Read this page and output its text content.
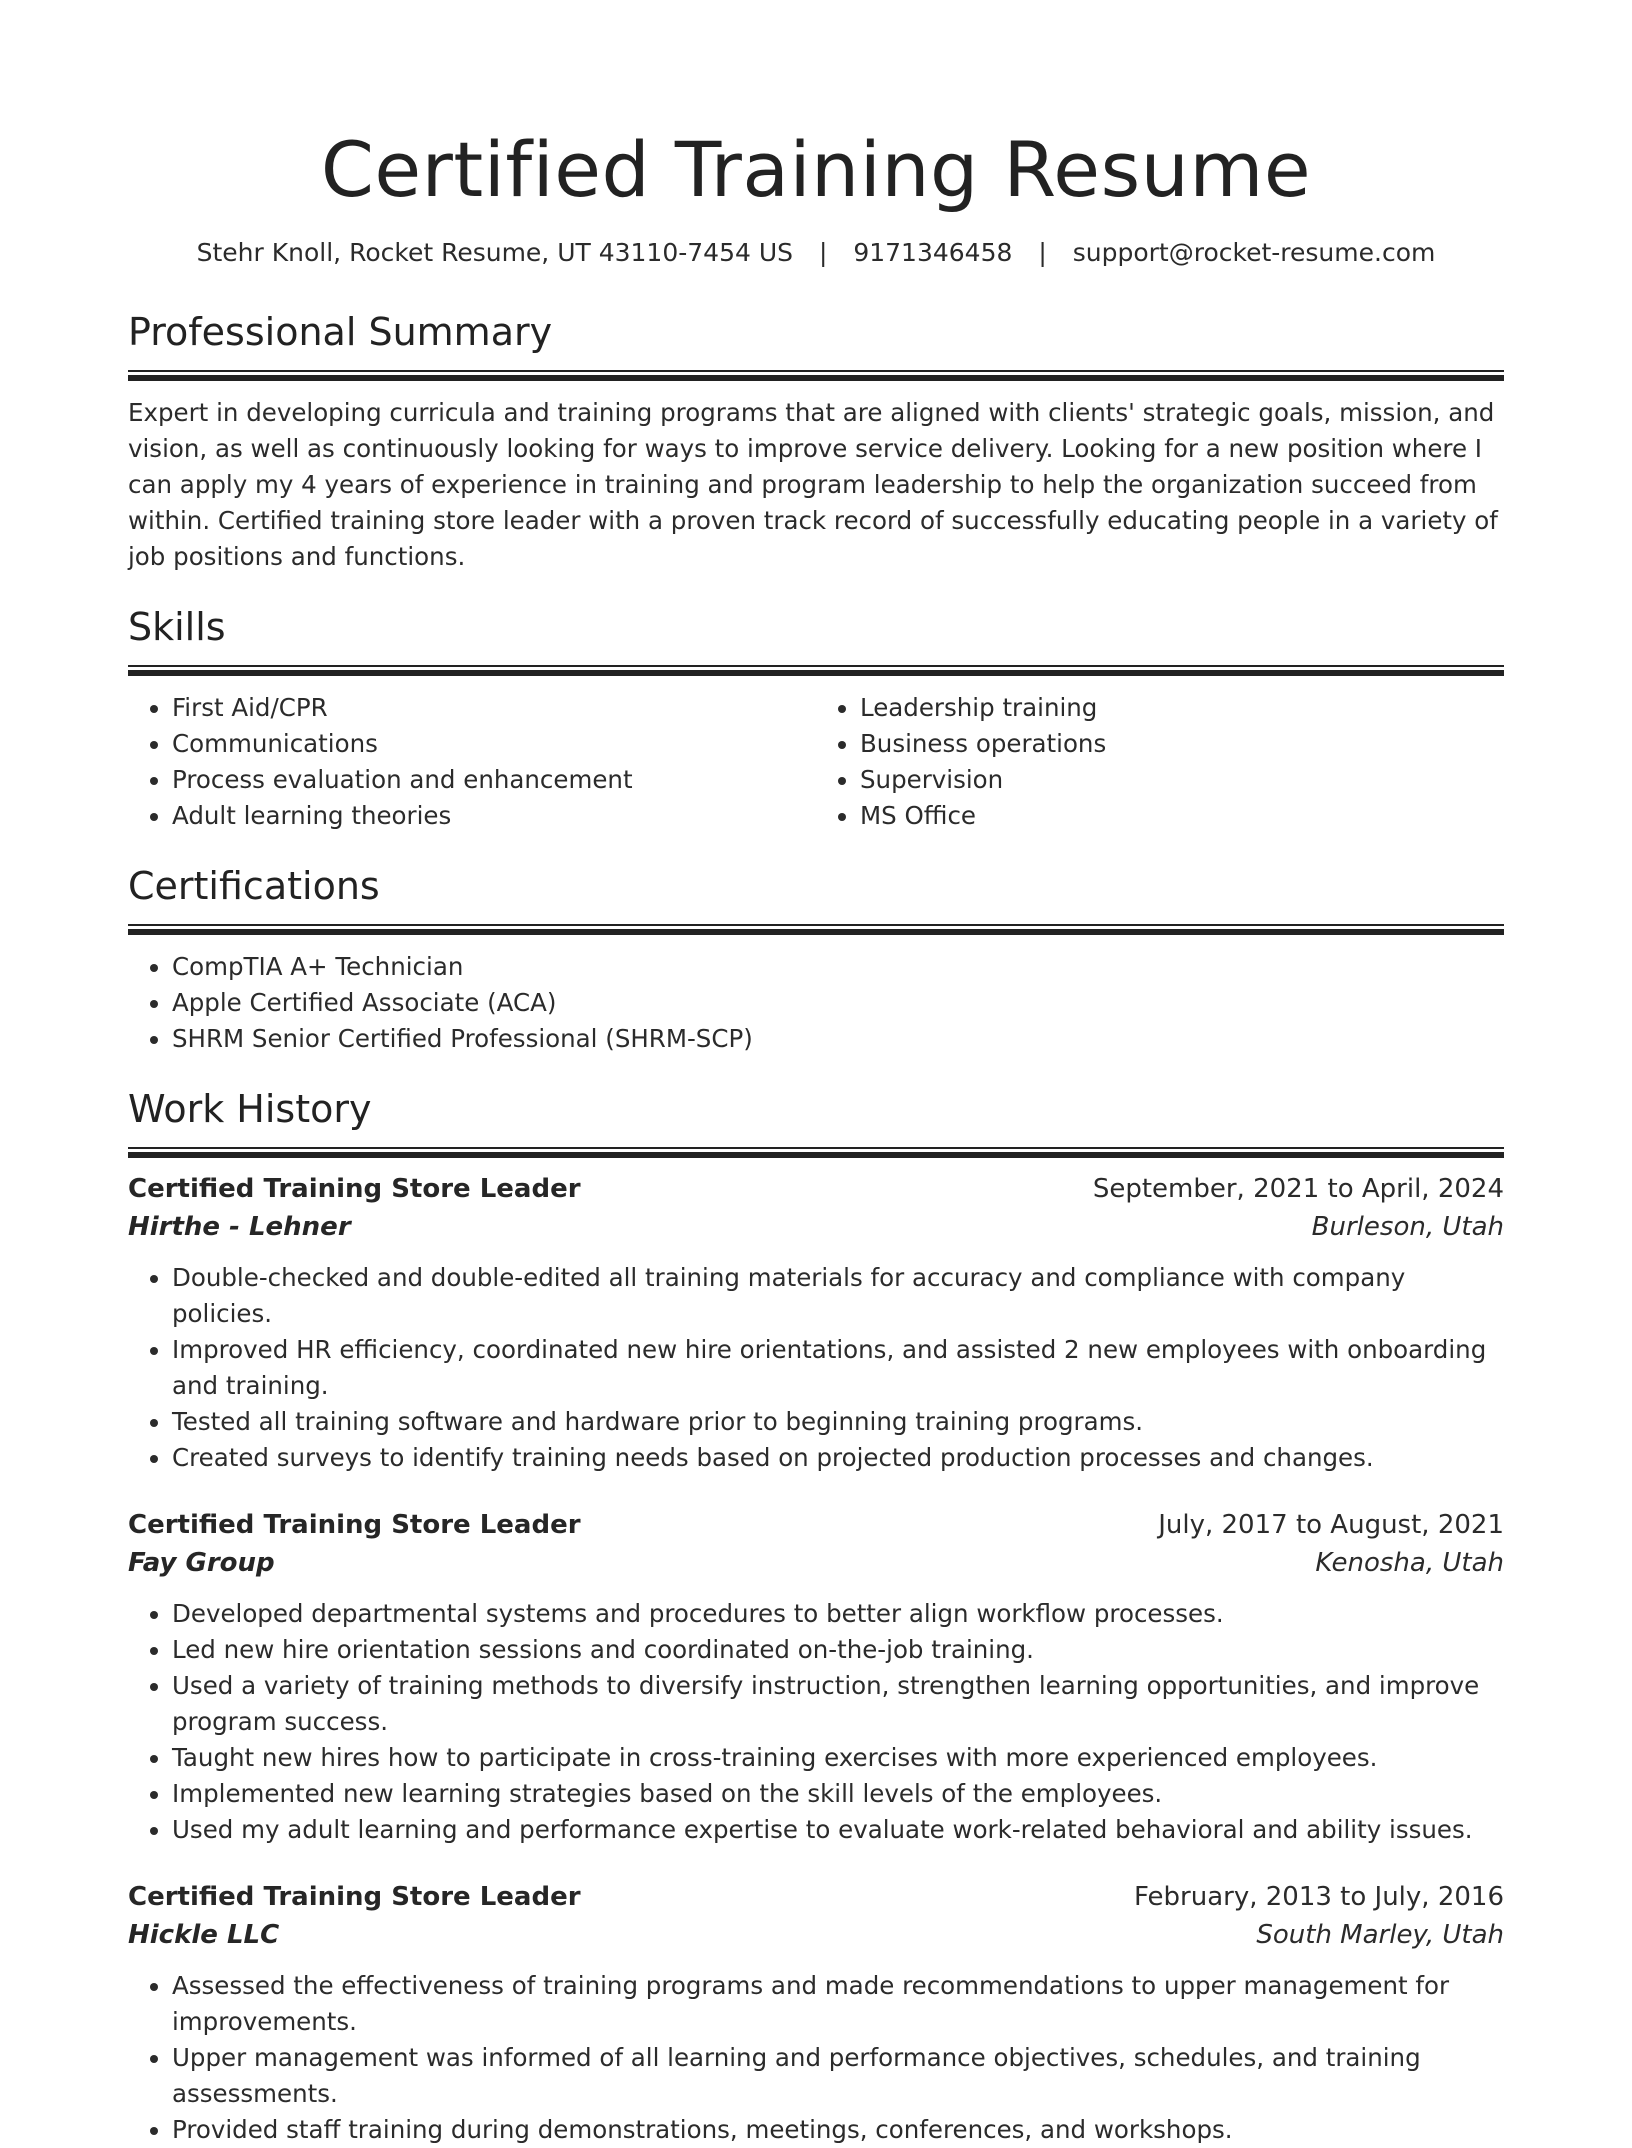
Certified Training Resume
Stehr Knoll, Rocket Resume, UT 43110-7454 US | 9171346458 | support@rocket-resume.com
Professional Summary

Expert in developing curricula and training programs that are aligned with clients' strategic goals, mission, and vision, as well as continuously looking for ways to improve service delivery. Looking for a new position where I can apply my 4 years of experience in training and program leadership to help the organization succeed from within. Certified training store leader with a proven track record of successfully educating people in a variety of job positions and functions.

Skills
• First Aid/CPR
• Communications
• Process evaluation and enhancement
• Adult learning theories
• Leadership training
• Business operations
• Supervision
• MS Office
Certifications
• CompTIA A+ Technician
• Apple Certified Associate (ACA)
• SHRM Senior Certified Professional (SHRM-SCP)
Work History
Certified Training Store Leader	September, 2021 to April, 2024
Hirthe - Lehner	Burleson, Utah
• Double-checked and double-edited all training materials for accuracy and compliance with company policies.
• Improved HR efficiency, coordinated new hire orientations, and assisted 2 new employees with onboarding and training.
• Tested all training software and hardware prior to beginning training programs.
• Created surveys to identify training needs based on projected production processes and changes.
Certified Training Store Leader	July, 2017 to August, 2021
Fay Group	Kenosha, Utah
• Developed departmental systems and procedures to better align workflow processes.
• Led new hire orientation sessions and coordinated on-the-job training.
• Used a variety of training methods to diversify instruction, strengthen learning opportunities, and improve program success.
• Taught new hires how to participate in cross-training exercises with more experienced employees.
• Implemented new learning strategies based on the skill levels of the employees.
• Used my adult learning and performance expertise to evaluate work-related behavioral and ability issues.
Certified Training Store Leader	February, 2013 to July, 2016
Hickle LLC	South Marley, Utah
• Assessed the effectiveness of training programs and made recommendations to upper management for improvements.
• Upper management was informed of all learning and performance objectives, schedules, and training assessments.
• Provided staff training during demonstrations, meetings, conferences, and workshops.
